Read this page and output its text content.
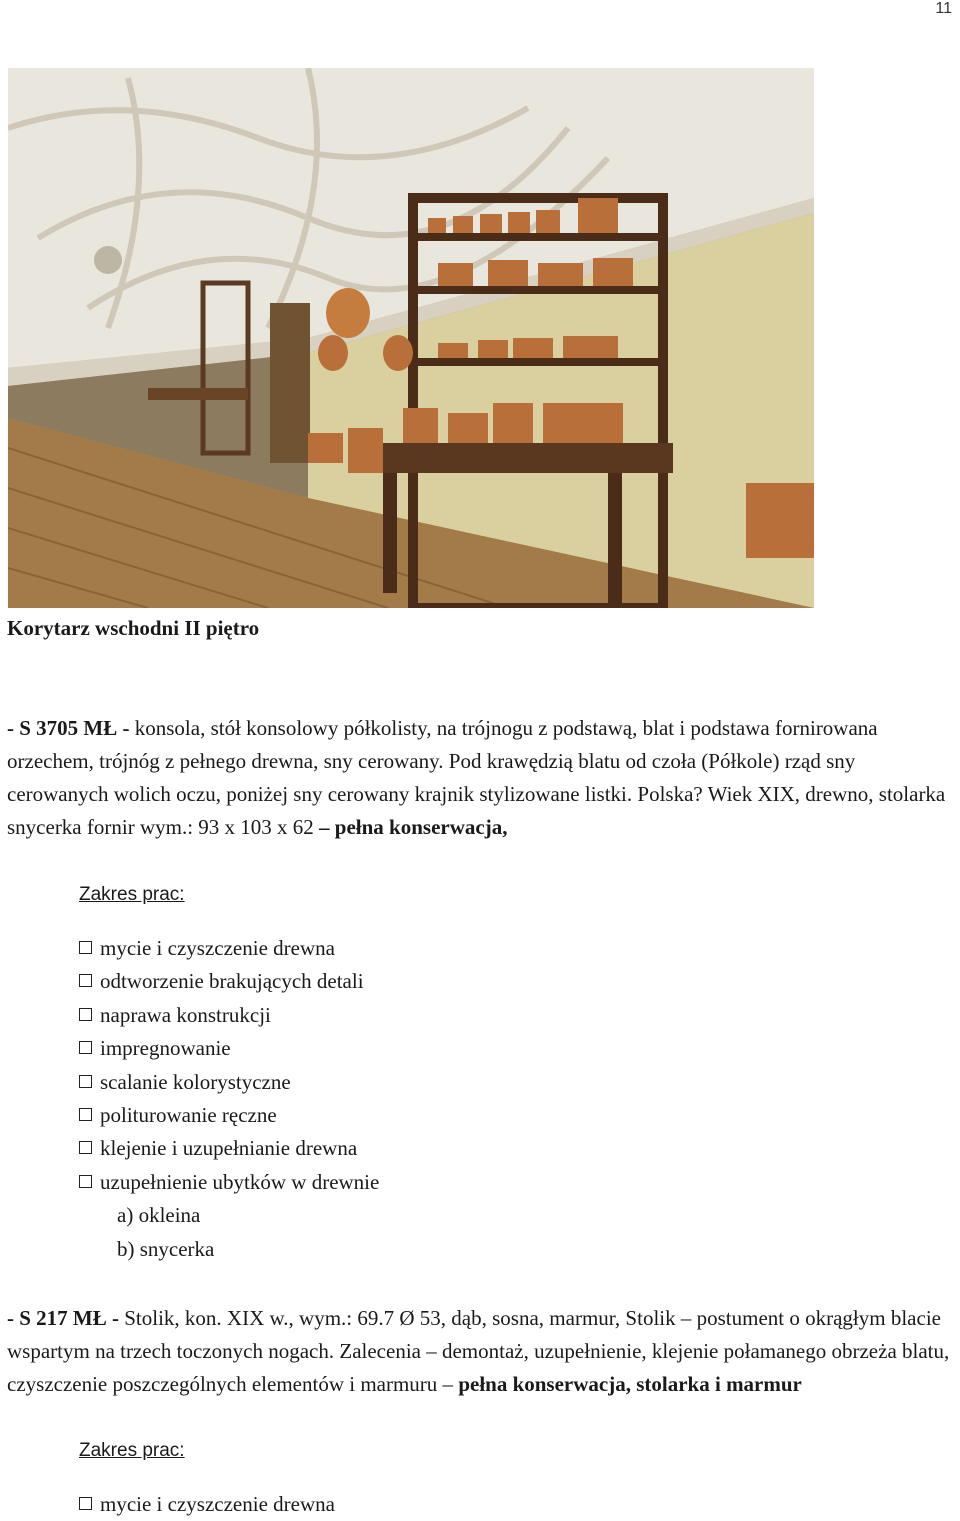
11
Korytarz wschodni II piętro

- S 3705 MŁ - konsola, stół konsolowy półkolisty, na trójnogu z podstawą, blat i podstawa fornirowana orzechem, trójnóg z pełnego drewna, sny cerowany. Pod krawędzią blatu od czoła (Półkole) rząd sny cerowanych wolich oczu, poniżej sny cerowany krajnik stylizowane listki. Polska? Wiek XIX, drewno, stolarka snycerka fornir wym.: 93 x 103 x 62 – pełna konserwacja,

Zakres prac:

mycie i czyszczenie drewna
odtworzenie brakujących detali
naprawa konstrukcji
impregnowanie
scalanie kolorystyczne
politurowanie ręczne
klejenie i uzupełnianie drewna
uzupełnienie ubytków w drewnie
a) okleina
b) snycerka

- S 217 MŁ - Stolik, kon. XIX w., wym.: 69.7 Ø 53, dąb, sosna, marmur, Stolik – postument o okrągłym blacie wspartym na trzech toczonych nogach. Zalecenia – demontaż, uzupełnienie, klejenie połamanego obrzeża blatu, czyszczenie poszczególnych elementów i marmuru – pełna konserwacja, stolarka i marmur

Zakres prac:

mycie i czyszczenie drewna
